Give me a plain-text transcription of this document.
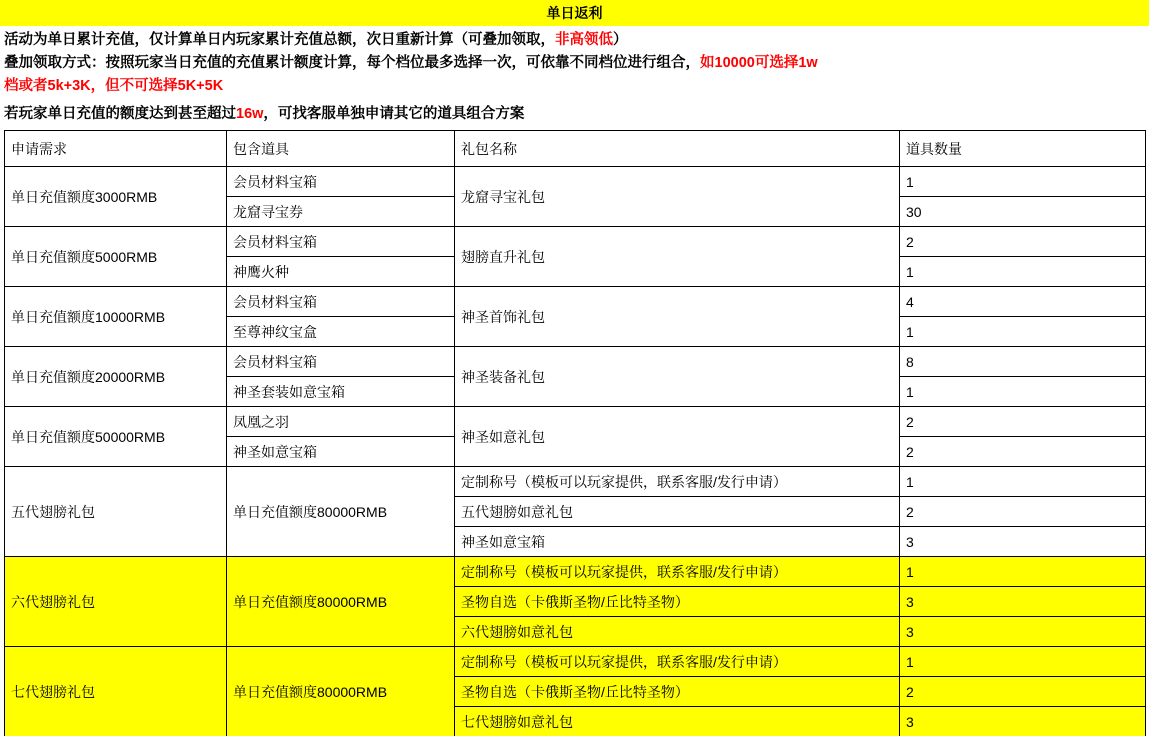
单日返利
活动为单日累计充值，仅计算单日内玩家累计充值总额，次日重新计算（可叠加领取，非高领低）
叠加领取方式：按照玩家当日充值的充值累计额度计算，每个档位最多选择一次，可依靠不同档位进行组合，如10000可选择1w
档或者5k+3K，但不可选择5K+5K
若玩家单日充值的额度达到甚至超过16w，可找客服单独申请其它的道具组合方案
申请需求	包含道具	礼包名称	道具数量
单日充值额度3000RMB	会员材料宝箱	龙窟寻宝礼包	1
	龙窟寻宝券		30
单日充值额度5000RMB	会员材料宝箱	翅膀直升礼包	2
	神鹰火种		1
单日充值额度10000RMB	会员材料宝箱	神圣首饰礼包	4
	至尊神纹宝盒		1
单日充值额度20000RMB	会员材料宝箱	神圣装备礼包	8
	神圣套装如意宝箱		1
单日充值额度50000RMB	凤凰之羽	神圣如意礼包	2
	神圣如意宝箱		2
五代翅膀礼包	单日充值额度80000RMB	定制称号（模板可以玩家提供，联系客服/发行申请）	1
		五代翅膀如意礼包	2
		神圣如意宝箱	3
六代翅膀礼包	单日充值额度80000RMB	定制称号（模板可以玩家提供，联系客服/发行申请）	1
		圣物自选（卡俄斯圣物/丘比特圣物）	3
		六代翅膀如意礼包	3
七代翅膀礼包	单日充值额度80000RMB	定制称号（模板可以玩家提供，联系客服/发行申请）	1
		圣物自选（卡俄斯圣物/丘比特圣物）	2
		七代翅膀如意礼包	3
